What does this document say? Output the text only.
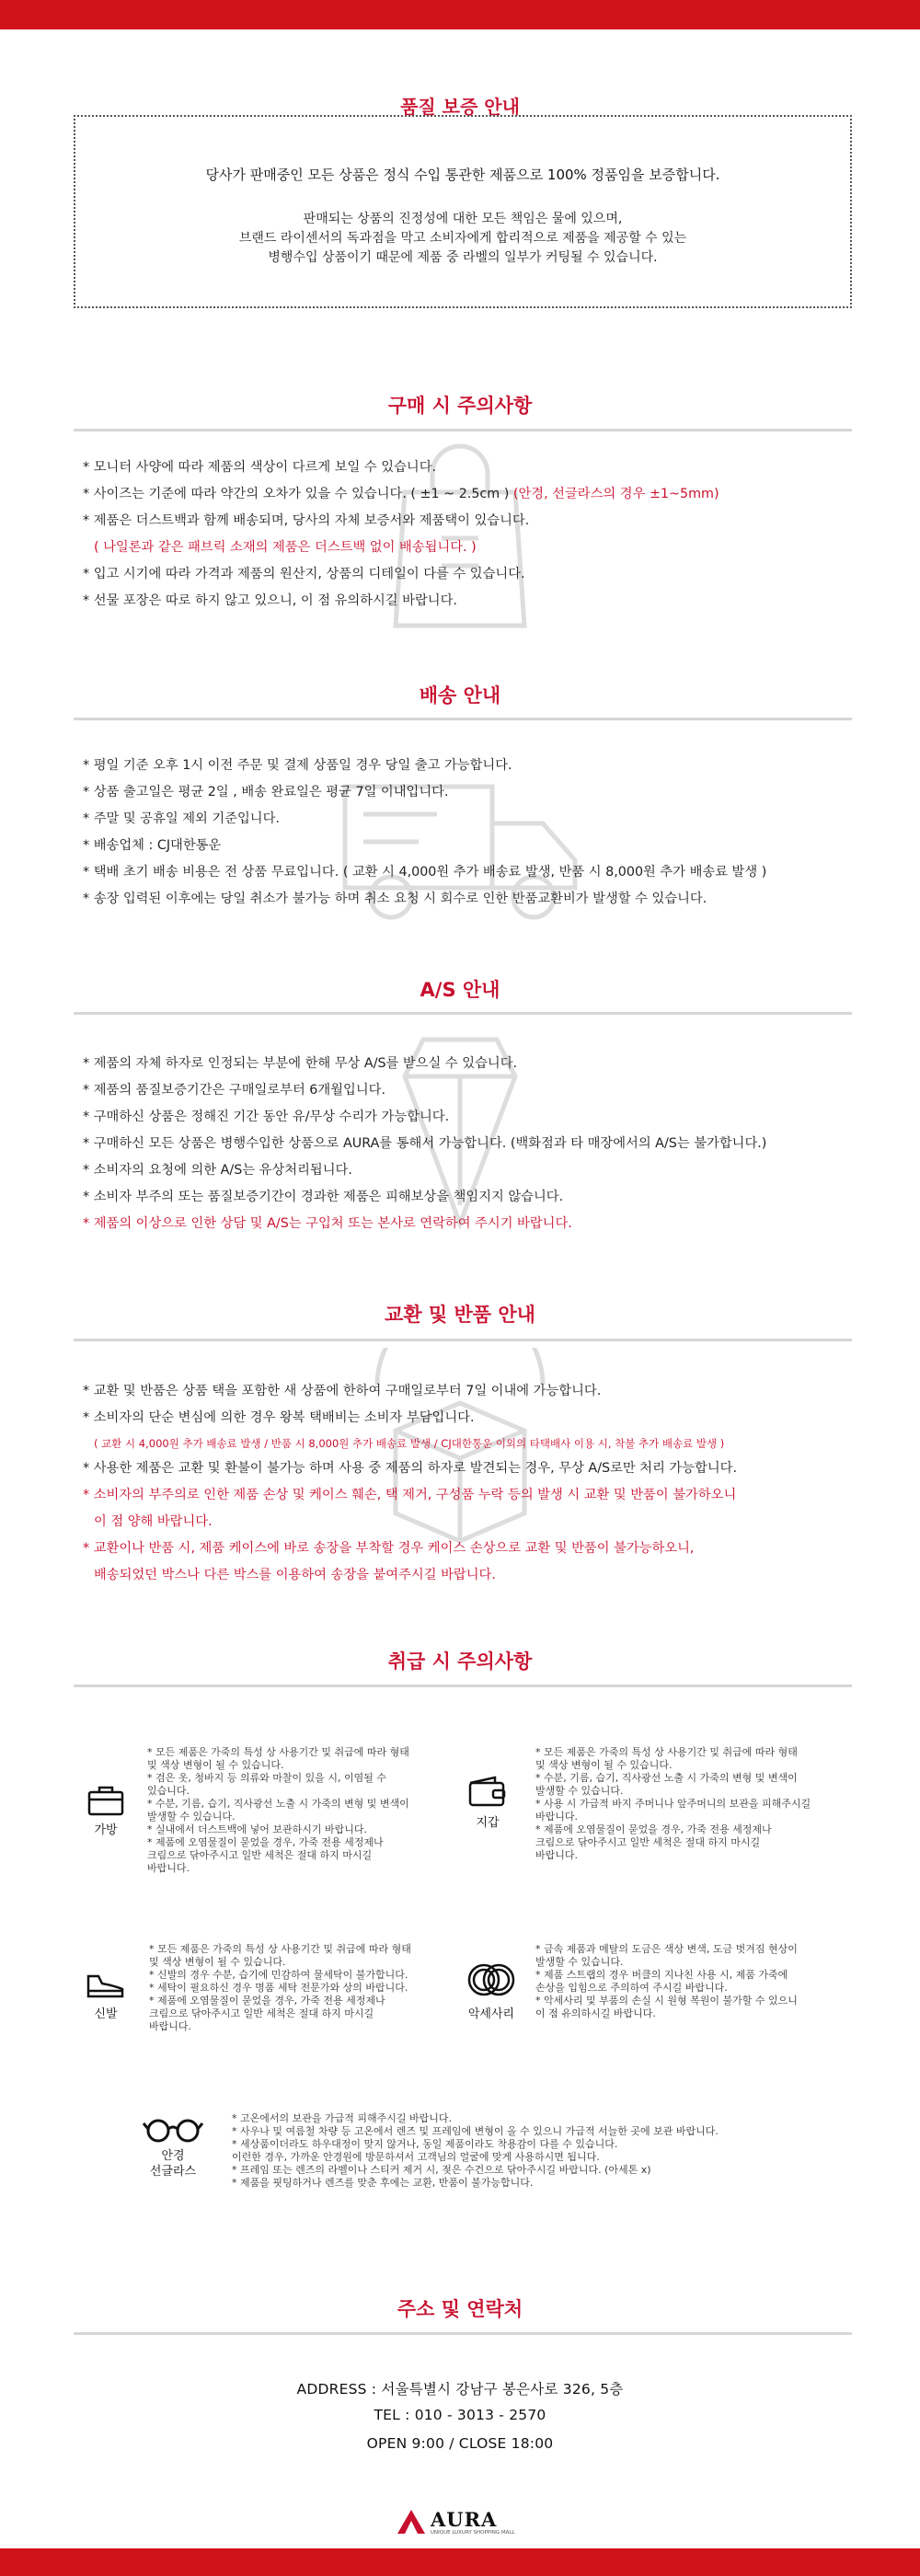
품질 보증 안내
당사가 판매중인 모든 상품은 정식 수입 통관한 제품으로 100% 정품임을 보증합니다.
판매되는 상품의 진정성에 대한 모든 책임은 물에 있으며,
브랜드 라이센서의 독과점을 막고 소비자에게 합리적으로 제품을 제공할 수 있는
병행수입 상품이기 때문에 제품 중 라벨의 일부가 커팅될 수 있습니다.
구매 시 주의사항
* 모니터 사양에 따라 제품의 색상이 다르게 보일 수 있습니다.
* 사이즈는 기준에 따라 약간의 오차가 있을 수 있습니다. ( ±1 ~ 2.5cm ) (안경, 선글라스의 경우 ±1~5mm)
* 제품은 더스트백과 함께 배송되며, 당사의 자체 보증서와 제품택이 있습니다.
( 나일론과 같은 패브릭 소재의 제품은 더스트백 없이 배송됩니다. )
* 입고 시기에 따라 가격과 제품의 원산지, 상품의 디테일이 다를 수 있습니다.
* 선물 포장은 따로 하지 않고 있으니, 이 점 유의하시길 바랍니다.
배송 안내
* 평일 기준 오후 1시 이전 주문 및 결제 상품일 경우 당일 출고 가능합니다.
* 상품 출고일은 평균 2일 , 배송 완료일은 평균 7일 이내입니다.
* 주말 및 공휴일 제외 기준입니다.
* 배송업체 : CJ대한통운
* 택배 초기 배송 비용은 전 상품 무료입니다. ( 교환 시 4,000원 추가 배송료 발생, 반품 시 8,000원 추가 배송료 발생 )
* 송장 입력된 이후에는 당일 취소가 불가능 하며 취소 요청 시 회수로 인한 반품교환비가 발생할 수 있습니다.
A/S 안내
* 제품의 자체 하자로 인정되는 부분에 한해 무상 A/S를 받으실 수 있습니다.
* 제품의 품질보증기간은 구매일로부터 6개월입니다.
* 구매하신 상품은 정해진 기간 동안 유/무상 수리가 가능합니다.
* 구매하신 모든 상품은 병행수입한 상품으로 AURA를 통해서 가능합니다. (백화점과 타 매장에서의 A/S는 불가합니다.)
* 소비자의 요청에 의한 A/S는 유상처리됩니다.
* 소비자 부주의 또는 품질보증기간이 경과한 제품은 피해보상을 책임지지 않습니다.
* 제품의 이상으로 인한 상담 및 A/S는 구입처 또는 본사로 연락하여 주시기 바랍니다.
교환 및 반품 안내
* 교환 및 반품은 상품 택을 포함한 새 상품에 한하여 구매일로부터 7일 이내에 가능합니다.
* 소비자의 단순 변심에 의한 경우 왕복 택배비는 소비자 부담입니다.
( 교환 시 4,000원 추가 배송료 발생 / 반품 시 8,000원 추가 배송료 발생 / CJ대한통운 이외의 타택배사 이용 시, 착불 추가 배송료 발생 )
* 사용한 제품은 교환 및 환불이 불가능 하며 사용 중 제품의 하자로 발견되는 경우, 무상 A/S로만 처리 가능합니다.
* 소비자의 부주의로 인한 제품 손상 및 케이스 훼손, 택 제거, 구성품 누락 등의 발생 시 교환 및 반품이 불가하오니
이 점 양해 바랍니다.
* 교환이나 반품 시, 제품 케이스에 바로 송장을 부착할 경우 케이스 손상으로 교환 및 반품이 불가능하오니,
배송되었던 박스나 다른 박스를 이용하여 송장을 붙여주시길 바랍니다.
취급 시 주의사항
가방
* 모든 제품은 가죽의 특성 상 사용기간 및 취급에 따라 형태
및 색상 변형이 될 수 있습니다.
* 검은 옷, 청바지 등 의류와 마찰이 있을 시, 이염될 수
있습니다.
* 수분, 기름, 습기, 직사광선 노출 시 가죽의 변형 및 변색이
발생할 수 있습니다.
* 실내에서 더스트백에 넣어 보관하시기 바랍니다.
* 제품에 오염물질이 묻었을 경우, 가죽 전용 세정제나
크림으로 닦아주시고 일반 세척은 절대 하지 마시길
바랍니다.
지갑
* 모든 제품은 가죽의 특성 상 사용기간 및 취급에 따라 형태
및 색상 변형이 될 수 있습니다.
* 수분, 기름, 습기, 직사광선 노출 시 가죽의 변형 및 변색이
발생할 수 있습니다.
* 사용 시 가급적 바지 주머니나 앞주머니의 보관을 피해주시길
바랍니다.
* 제품에 오염물질이 묻었을 경우, 가죽 전용 세정제나
크림으로 닦아주시고 일반 세척은 절대 하지 마시길
바랍니다.
신발
* 모든 제품은 가죽의 특성 상 사용기간 및 취급에 따라 형태
및 색상 변형이 될 수 있습니다.
* 신발의 경우 수분, 습기에 민감하여 물세탁이 불가합니다.
* 세탁이 필요하신 경우 명품 세탁 전문가와 상의 바랍니다.
* 제품에 오염물질이 묻었을 경우, 가죽 전용 세정제나
크림으로 닦아주시고 일반 세척은 절대 하지 마시길
바랍니다.
악세사리
* 금속 제품과 메탈의 도금은 색상 변색, 도금 벗겨짐 현상이
발생할 수 있습니다.
* 제품 스트랩의 경우 버클의 지나친 사용 시, 제품 가죽에
손상을 입힘으로 주의하여 주시길 바랍니다.
* 악세사리 및 부품의 손실 시 원형 복원이 불가할 수 있으니
이 점 유의하시길 바랍니다.
안경
선글라스
* 고온에서의 보관을 가급적 피해주시길 바랍니다.
* 사우나 및 여름철 차량 등 고온에서 렌즈 및 프레임에 변형이 올 수 있으니 가급적 서늘한 곳에 보관 바랍니다.
* 세상품이더라도 하우대정이 맞지 않거나, 동일 제품이라도 착용감이 다를 수 있습니다.
이런한 경우, 가까운 안경원에 방문하셔서 고객님의 얼굴에 맞게 사용하시면 됩니다.
* 프레임 또는 렌즈의 라벨이나 스티커 제거 시, 젖은 수건으로 닦아주시길 바랍니다. (아세톤 x)
* 제품을 핏팅하거나 렌즈를 맞춘 후에는 교환, 반품이 불가능합니다.
주소 및 연락처
ADDRESS : 서울특별시 강남구 봉은사로 326, 5층
TEL : 010 - 3013 - 2570
OPEN 9:00 / CLOSE 18:00
AURA
UNIQUE LUXURY SHOPPING MALL
